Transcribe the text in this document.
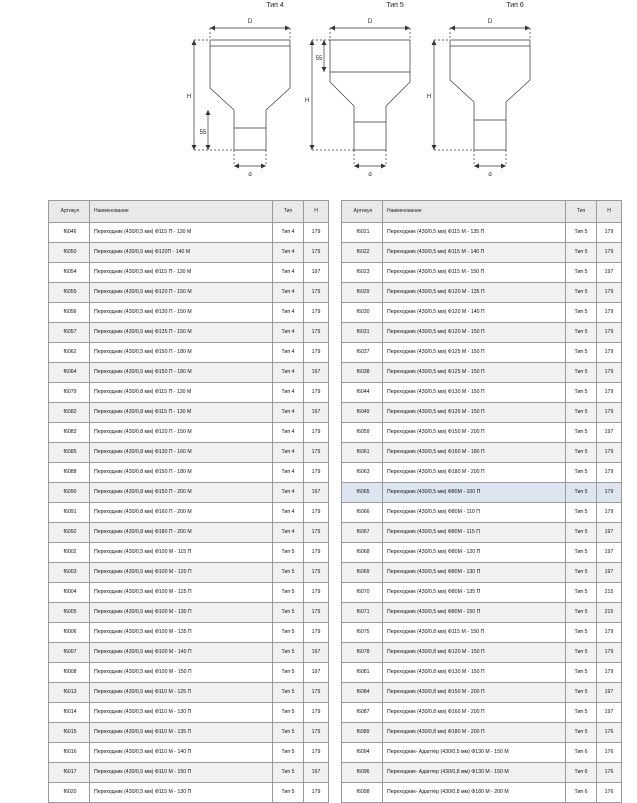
Тип 4
D
H
55
d
Тип 5
D
H
55
d
Тип 6
D
H
d
Артикул	Наименование	Тип	H
f6046	Переходник (430/0,5 мм) Ф115 П - 130 М	Тип 4	179
f6050	Переходник (430/0,5 мм) Ф120П - 140 М	Тип 4	179
f6054	Переходник (430/0,5 мм) Ф115 П - 130 М	Тип 4	197
f6055	Переходник (430/0,5 мм) Ф120 П - 150 М	Тип 4	179
f6056	Переходник (430/0,5 мм) Ф130 П - 150 М	Тип 4	179
f6057	Переходник (430/0,5 мм) Ф135 П - 150 М	Тип 4	179
f6062	Переходник (430/0,5 мм) Ф150 П - 180 М	Тип 4	179
f6064	Переходник (430/0,5 мм) Ф150 П - 180 М	Тип 4	197
f6079	Переходник (430/0,8 мм) Ф115 П - 130 М	Тип 4	179
f6082	Переходник (430/0,8 мм) Ф115 П - 130 М	Тип 4	197
f6083	Переходник (430/0,8 мм) Ф120 П - 150 М	Тип 4	179
f6085	Переходник (430/0,8 мм) Ф130 П - 160 М	Тип 4	179
f6088	Переходник (430/0,8 мм) Ф150 П - 180 М	Тип 4	179
f6090	Переходник (430/0,8 мм) Ф150 П - 200 М	Тип 4	197
f6091	Переходник (430/0,8 мм) Ф160 П - 200 М	Тип 4	179
f6092	Переходник (430/0,8 мм) Ф180 П - 200 М	Тип 4	179
f6002	Переходник (430/0,5 мм) Ф100 М - 115 П	Тип 5	179
f6003	Переходник (430/0,5 мм) Ф100 М - 120 П	Тип 5	179
f6004	Переходник (430/0,5 мм) Ф100 М - 125 П	Тип 5	179
f6005	Переходник (430/0,5 мм) Ф100 М - 130 П	Тип 5	179
f6006	Переходник (430/0,5 мм) Ф100 М - 135 П	Тип 5	179
f6007	Переходник (430/0,5 мм) Ф100 М - 140 П	Тип 5	197
f6008	Переходник (430/0,5 мм) Ф100 М - 150 П	Тип 5	197
f6013	Переходник (430/0,5 мм) Ф110 М - 125 П	Тип 5	179
f6014	Переходник (430/0,5 мм) Ф110 М - 130 П	Тип 5	179
f6015	Переходник (430/0,5 мм) Ф110 М - 135 П	Тип 5	179
f6016	Переходник (430/0,5 мм) Ф110 М - 140 П	Тип 5	179
f6017	Переходник (430/0,5 мм) Ф110 М - 150 П	Тип 5	197
f6020	Переходник (430/0,5 мм) Ф115 М - 130 П	Тип 5	179
Артикул	Наименование	Тип	H
f6021	Переходник (430/0,5 мм) Ф115 М - 135 П	Тип 5	179
f6022	Переходник (430/0,5 мм) Ф115 М - 140 П	Тип 5	179
f6023	Переходник (430/0,5 мм) Ф115 М - 150 П	Тип 5	197
f6029	Переходник (430/0,5 мм) Ф120 М - 135 П	Тип 5	179
f6030	Переходник (430/0,5 мм) Ф120 М - 140 П	Тип 5	179
f6031	Переходник (430/0,5 мм) Ф120 М - 150 П	Тип 5	179
f6037	Переходник (430/0,5 мм) Ф125 М - 150 П	Тип 5	179
f6038	Переходник (430/0,5 мм) Ф125 М - 150 П	Тип 5	179
f6044	Переходник (430/0,5 мм) Ф130 М - 150 П	Тип 5	179
f6049	Переходник (430/0,5 мм) Ф135 М - 150 П	Тип 5	179
f6059	Переходник (430/0,5 мм) Ф150 М - 200 П	Тип 5	197
f6061	Переходник (430/0,5 мм) Ф160 М - 180 П	Тип 5	179
f6063	Переходник (430/0,5 мм) Ф180 М - 200 П	Тип 5	179
f6065	Переходник (430/0,5 мм) Ф80М - 100 П	Тип 5	179
f6066	Переходник (430/0,5 мм) Ф80М - 110 П	Тип 5	179
f6067	Переходник (430/0,5 мм) Ф80М - 115 П	Тип 5	197
f6068	Переходник (430/0,5 мм) Ф80М - 120 П	Тип 5	197
f6069	Переходник (430/0,5 мм) Ф80М - 130 П	Тип 5	197
f6070	Переходник (430/0,5 мм) Ф80М - 135 П	Тип 5	215
f6071	Переходник (430/0,5 мм) Ф80М - 150 П	Тип 5	215
f6075	Переходник (430/0,8 мм) Ф115 М - 150 П	Тип 5	179
f6078	Переходник (430/0,8 мм) Ф120 М - 150 П	Тип 5	179
f6081	Переходник (430/0,8 мм) Ф130 М - 150 П	Тип 5	179
f6084	Переходник (430/0,8 мм) Ф150 М - 200 П	Тип 5	197
f6087	Переходник (430/0,8 мм) Ф160 М - 200 П	Тип 5	197
f6089	Переходник (430/0,8 мм) Ф180 М - 200 П	Тип 5	176
f6094	Переходник- Адаптер (430/0,5 мм) Ф130 М - 150 М	Тип 6	176
f6096	Переходник- Адаптер (430/0,8 мм) Ф130 М - 150 М	Тип 6	176
f6098	Переходник- Адаптер (430/0,8 мм) Ф180 М - 200 М	Тип 6	176
